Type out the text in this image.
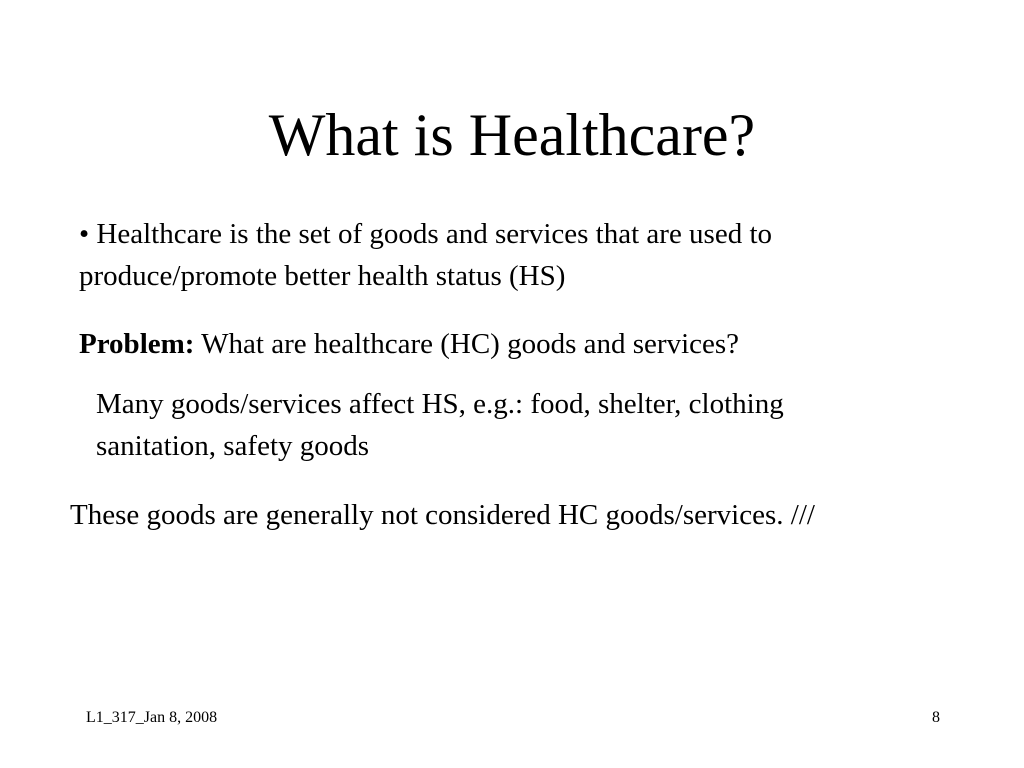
What is Healthcare?
• Healthcare is the set of goods and services that are used to
produce/promote better health status (HS)
Problem: What are healthcare (HC) goods and services?
Many goods/services affect HS, e.g.: food, shelter, clothing
sanitation, safety goods
These goods are generally not considered HC goods/services. ///
L1_317_Jan 8, 2008	8
